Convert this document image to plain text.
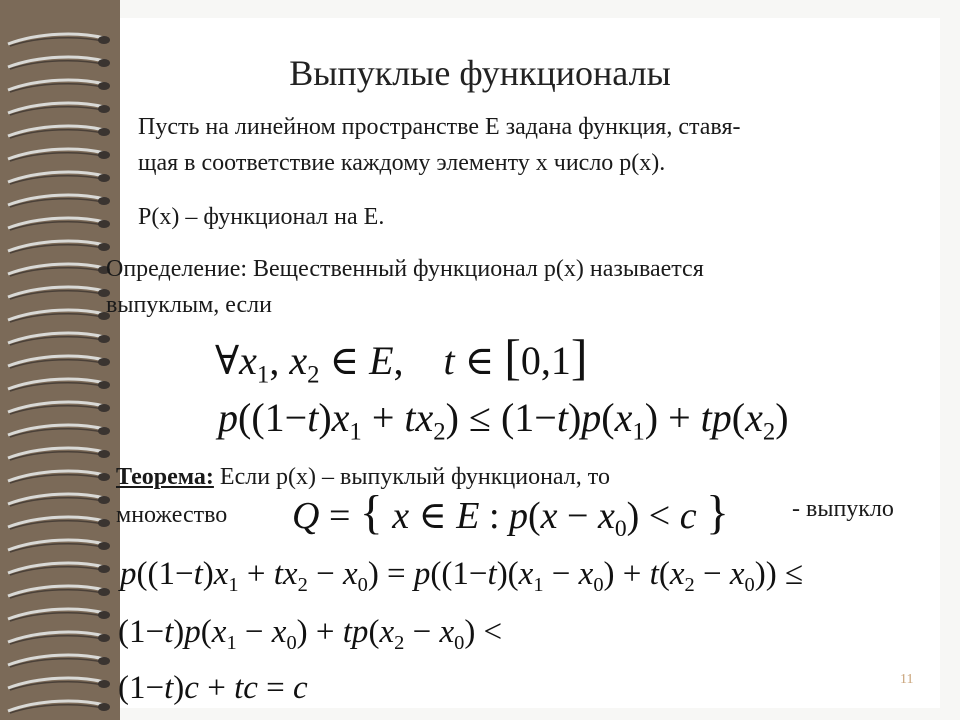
Выпуклые функционалы
Пусть на линейном пространстве E задана функция, ставя-
щая в соответствие каждому элементу x число p(x).
P(x) – функционал на E.
Определение: Вещественный функционал p(x) называется
выпуклым, если
$\forall x_1$, $x_2$ ∈ E,    t ∈ [0,1]
$p((1-t)x_1 + tx_2) \le (1-t)p(x_1) + tp(x_2)$
Теорема: Если p(x) – выпуклый функционал, то
множество Q = { x ∈ E : $p(x - x_0) < c$ }	- выпукло
$p((1-t)x_1 + tx_2 - x_0) = p((1-t)(x_1 - x_0) + t(x_2 - x_0))$ ≤
$(1-t)p(x_1 - x_0) + tp(x_2 - x_0)$ <
(1−t)c + tc = c	11
